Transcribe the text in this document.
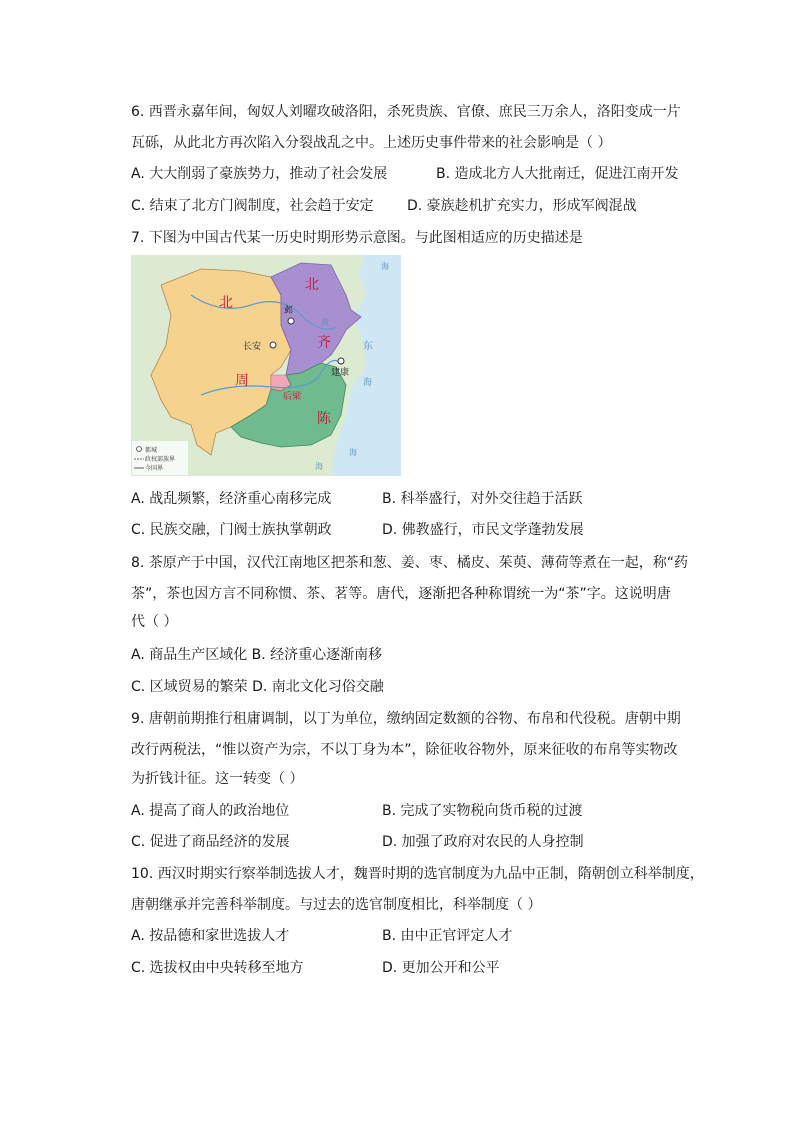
6. 西晋永嘉年间，匈奴人刘曜攻破洛阳，杀死贵族、官僚、庶民三万余人，洛阳变成一片
瓦砾，从此北方再次陷入分裂战乱之中。上述历史事件带来的社会影响是（ ）
A. 大大削弱了豪族势力，推动了社会发展	B. 造成北方人大批南迁，促进江南开发
C. 结束了北方门阀制度，社会趋于安定 D. 豪族趁机扩充实力，形成军阀混战
7. 下图为中国古代某一历史时期形势示意图。与此图相适应的历史描述是
北
周
北
齐
陈
后梁
邺
长安
建康
东
海
海
海
海
黄
都城
政权部族界
今国界
A. 战乱频繁，经济重心南移完成	B. 科举盛行，对外交往趋于活跃
C. 民族交融，门阀士族执掌朝政	D. 佛教盛行，市民文学蓬勃发展
8. 茶原产于中国，汉代江南地区把茶和葱、姜、枣、橘皮、茱萸、薄荷等煮在一起，称“药
茶”，茶也因方言不同称惯、茶、茗等。唐代，逐渐把各种称谓统一为“茶”字。这说明唐
代（ ）
A. 商品生产区域化 B. 经济重心逐渐南移
C. 区域贸易的繁荣 D. 南北文化习俗交融
9. 唐朝前期推行租庸调制，以丁为单位，缴纳固定数额的谷物、布帛和代役税。唐朝中期
改行两税法，“惟以资产为宗，不以丁身为本”，除征收谷物外，原来征收的布帛等实物改
为折钱计征。这一转变（ ）
A. 提高了商人的政治地位	B. 完成了实物税向货币税的过渡
C. 促进了商品经济的发展	D. 加强了政府对农民的人身控制
10. 西汉时期实行察举制选拔人才，魏晋时期的选官制度为九品中正制，隋朝创立科举制度，
唐朝继承并完善科举制度。与过去的选官制度相比，科举制度（ ）
A. 按品德和家世选拔人才	B. 由中正官评定人才
C. 选拔权由中央转移至地方	D. 更加公开和公平
